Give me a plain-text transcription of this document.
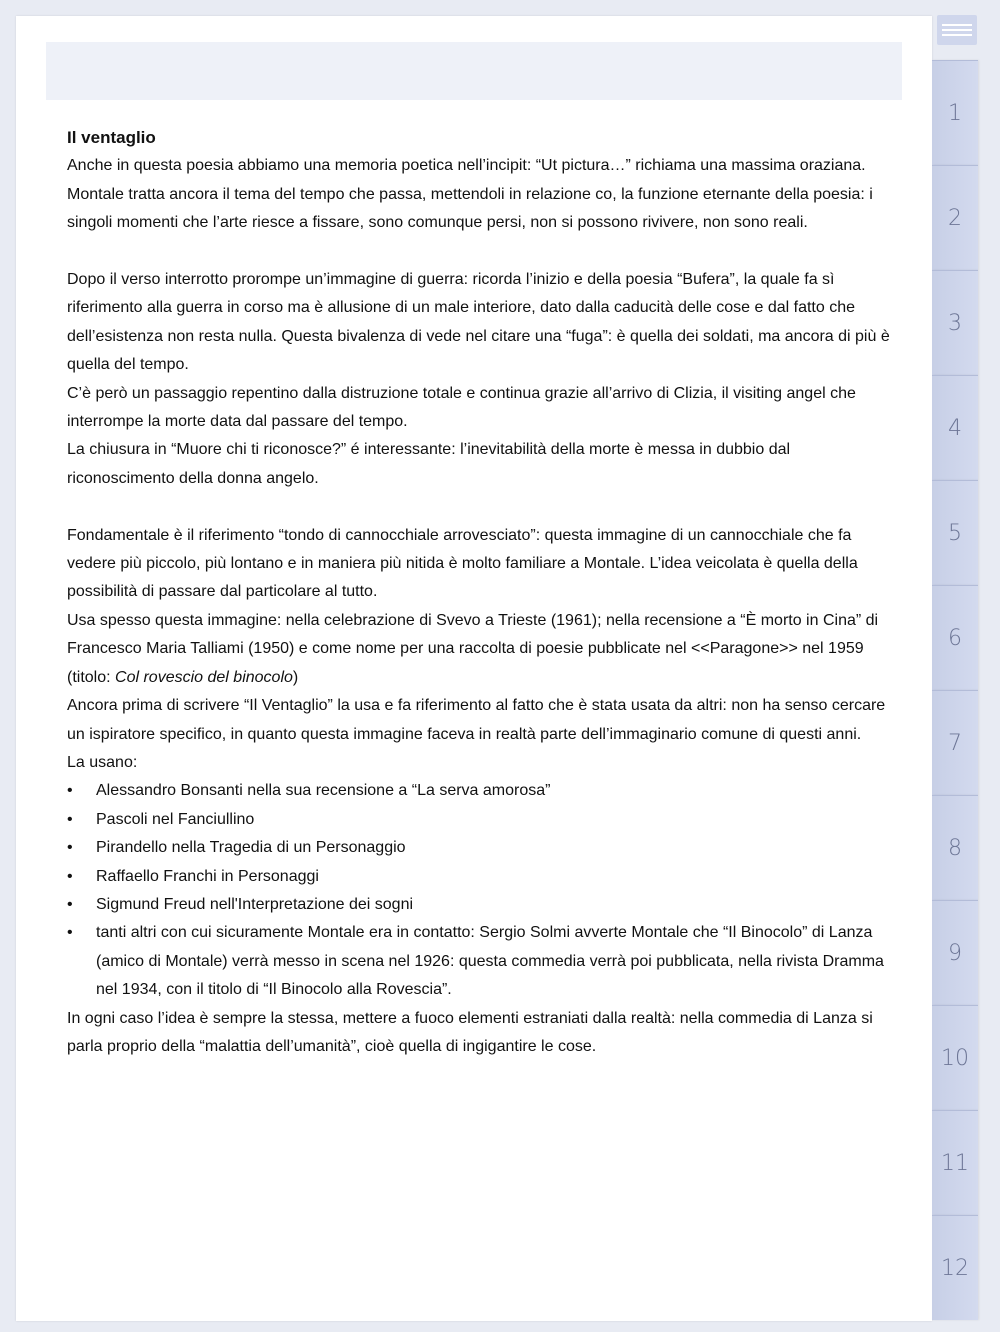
Il ventaglio

Anche in questa poesia abbiamo una memoria poetica nell’incipit: “Ut pictura…” richiama una massima oraziana.

Montale tratta ancora il tema del tempo che passa, mettendoli in relazione co, la funzione eternante della poesia: i singoli momenti che l’arte riesce a fissare, sono comunque persi, non si possono rivivere, non sono reali.

Dopo il verso interrotto prorompe un’immagine di guerra: ricorda l’inizio e della poesia “Bufera”, la quale fa sì riferimento alla guerra in corso ma è allusione di un male interiore, dato dalla caducità delle cose e dal fatto che dell’esistenza non resta nulla. Questa bivalenza di vede nel citare una “fuga”: è quella dei soldati, ma ancora di più è quella del tempo.

C’è però un passaggio repentino dalla distruzione totale e continua grazie all’arrivo di Clizia, il visiting angel che interrompe la morte data dal passare del tempo.

La chiusura in “Muore chi ti riconosce?” é interessante: l’inevitabilità della morte è messa in dubbio dal riconoscimento della donna angelo.

Fondamentale è il riferimento “tondo di cannocchiale arrovesciato”: questa immagine di un cannocchiale che fa vedere più piccolo, più lontano e in maniera più nitida è molto familiare a Montale. L’idea veicolata è quella della possibilità di passare dal particolare al tutto.

Usa spesso questa immagine: nella celebrazione di Svevo a Trieste (1961); nella recensione a “È morto in Cina” di Francesco Maria Talliami (1950) e come nome per una raccolta di poesie pubblicate nel <<Paragone>> nel 1959 (titolo: Col rovescio del binocolo)

Ancora prima di scrivere “Il Ventaglio” la usa e fa riferimento al fatto che è stata usata da altri: non ha senso cercare un ispiratore specifico, in quanto questa immagine faceva in realtà parte dell’immaginario comune di questi anni.

La usano:

• Alessandro Bonsanti nella sua recensione a “La serva amorosa”
• Pascoli nel Fanciullino
• Pirandello nella Tragedia di un Personaggio
• Raffaello Franchi in Personaggi
• Sigmund Freud nell'Interpretazione dei sogni
• tanti altri con cui sicuramente Montale era in contatto: Sergio Solmi avverte Montale che “Il Binocolo” di Lanza (amico di Montale) verrà messo in scena nel 1926: questa commedia verrà poi pubblicata, nella rivista Dramma nel 1934, con il titolo di “Il Binocolo alla Rovescia”.

In ogni caso l’idea è sempre la stessa, mettere a fuoco elementi estraniati dalla realtà: nella commedia di Lanza si parla proprio della “malattia dell’umanità”, cioè quella di ingigantire le cose.

1
2
3
4
5
6
7
8
9
10
11
12
